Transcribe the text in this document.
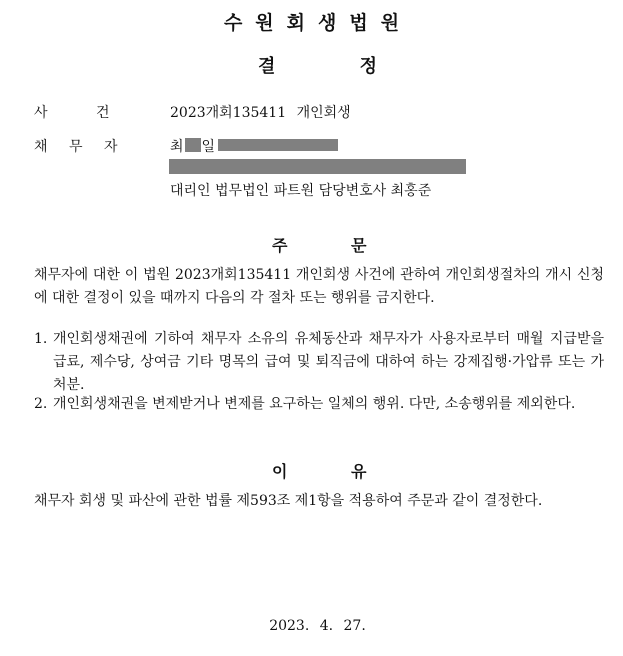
수원회생법원
결 정
사 건	2023개회135411 개인회생
채 무 자	최 일
대리인 법무법인 파트원 담당변호사 최홍준
주 문
채무자에 대한 이 법원 2023개회135411 개인회생 사건에 관하여 개인회생절차의 개시 신청에 대한 결정이 있을 때까지 다음의 각 절차 또는 행위를 금지한다.
1. 개인회생채권에 기하여 채무자 소유의 유체동산과 채무자가 사용자로부터 매월 지급받을 급료, 제수당, 상여금 기타 명목의 급여 및 퇴직금에 대하여 하는 강제집행·가압류 또는 가처분.
2. 개인회생채권을 변제받거나 변제를 요구하는 일체의 행위. 다만, 소송행위를 제외한다.
이 유
채무자 회생 및 파산에 관한 법률 제593조 제1항을 적용하여 주문과 같이 결정한다.
2023. 4. 27.
